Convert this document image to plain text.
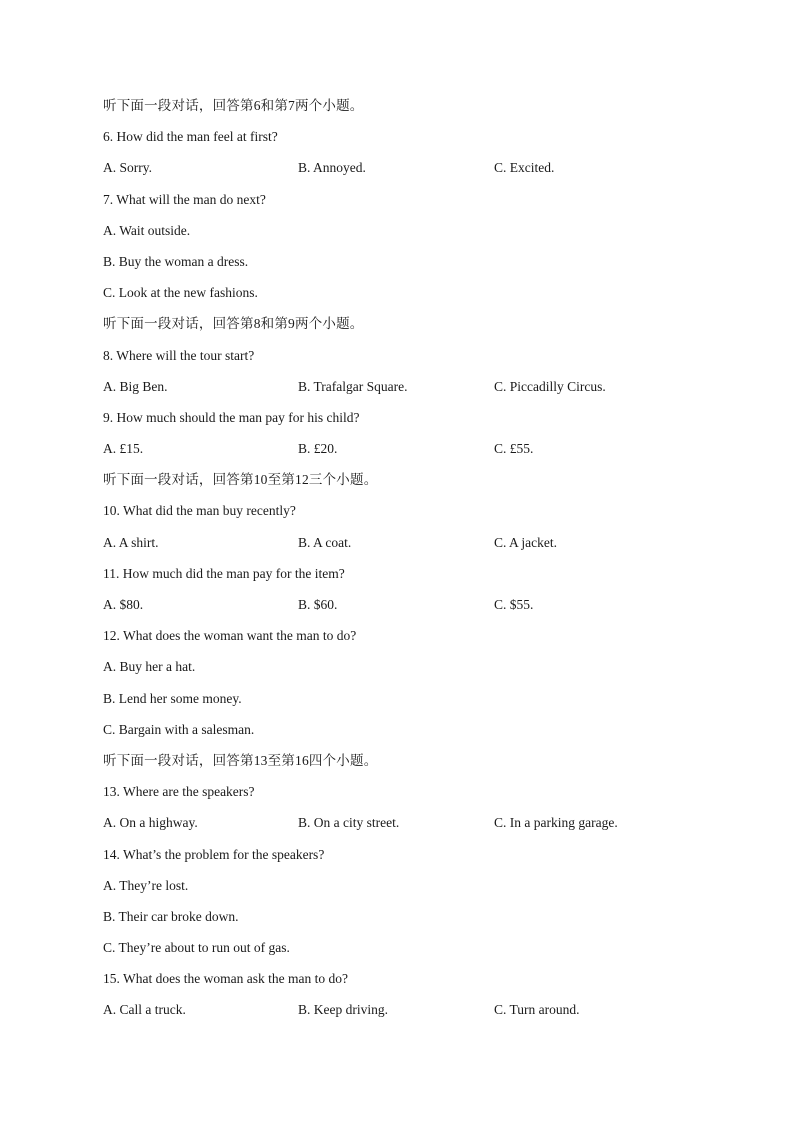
听下面一段对话，回答第6和第7两个小题。
6. How did the man feel at first?
A. Sorry.	B. Annoyed.	C. Excited.
7. What will the man do next?
A. Wait outside.
B. Buy the woman a dress.
C. Look at the new fashions.
听下面一段对话，回答第8和第9两个小题。
8. Where will the tour start?
A. Big Ben.	B. Trafalgar Square.	C. Piccadilly Circus.
9. How much should the man pay for his child?
A. £15.	B. £20.	C. £55.
听下面一段对话，回答第10至第12三个小题。
10. What did the man buy recently?
A. A shirt.	B. A coat.	C. A jacket.
11. How much did the man pay for the item?
A. $80.	B. $60.	C. $55.
12. What does the woman want the man to do?
A. Buy her a hat.
B. Lend her some money.
C. Bargain with a salesman.
听下面一段对话，回答第13至第16四个小题。
13. Where are the speakers?
A. On a highway.	B. On a city street.	C. In a parking garage.
14. What’s the problem for the speakers?
A. They’re lost.
B. Their car broke down.
C. They’re about to run out of gas.
15. What does the woman ask the man to do?
A. Call a truck.	B. Keep driving.	C. Turn around.
